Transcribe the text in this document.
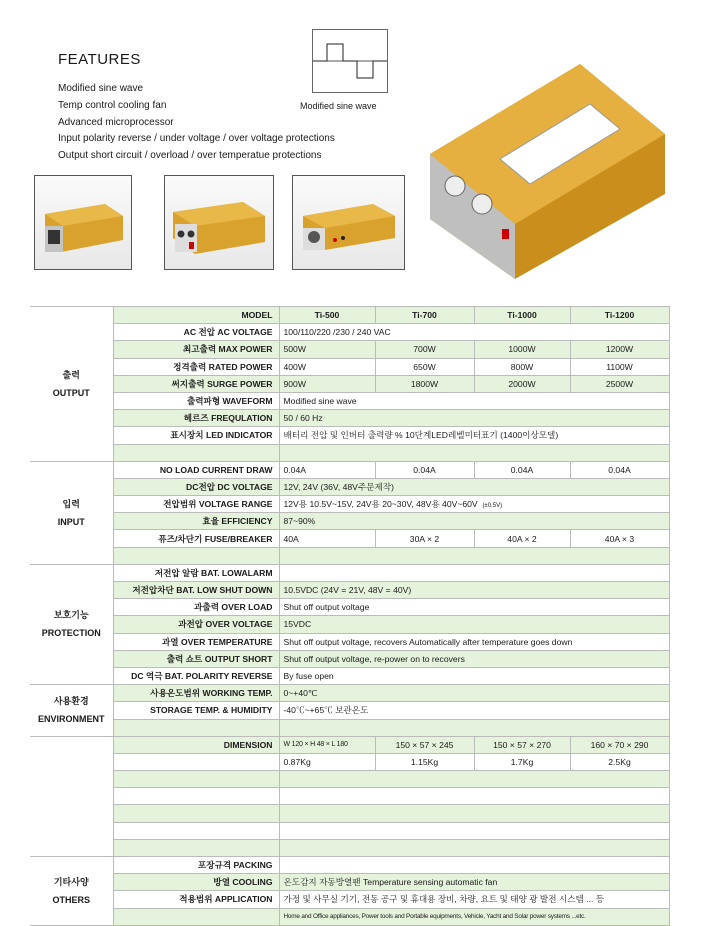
FEATURES
Modified sine wave
Temp control cooling fan
Advanced microprocessor
Input polarity reverse / under voltage / over voltage protections
Output short circuit / overload / over temperatue protections
Modified sine wave
출력
OUTPUT	MODEL	Ti-500	Ti-700	Ti-1000	Ti-1200
	AC 전압 AC VOLTAGE	100/110/220 /230 / 240 VAC			
	최고출력 MAX POWER	500W	700W	1000W	1200W
	정격출력 RATED POWER	400W	650W	800W	1100W
	써지출력 SURGE POWER	900W	1800W	2000W	2500W
	출력파형 WAVEFORM	Modified sine wave			
	헤르즈 FREQULATION	50 / 60 Hz			
	표시장치 LED INDICATOR	배터리 전압 및 인버터 출력량 % 10단계LED레벨미터표기 (1400이상모델)			

입력
INPUT	NO LOAD CURRENT DRAW	0.04A	0.04A	0.04A	0.04A
	DC전압 DC VOLTAGE	12V, 24V (36V, 48V주문제작)			
	전압범위 VOLTAGE RANGE	12V용 10.5V~15V, 24V용 20~30V, 48V용 40V~60V (±0.5V)			
	효율 EFFICIENCY	87~90%			
	퓨즈/차단기 FUSE/BREAKER	40A	30A × 2	40A × 2	40A × 3

보호기능
PROTECTION	저전압 알람 BAT. LOWALARM				
	저전압차단 BAT. LOW SHUT DOWN	10.5VDC (24V = 21V, 48V = 40V)			
	과출력 OVER LOAD	Shut off output voltage			
	과전압 OVER VOLTAGE	15VDC			
	과열 OVER TEMPERATURE	Shut off output voltage, recovers Automatically after temperature goes down			
	출력 쇼트 OUTPUT SHORT	Shut off output voltage, re-power on to recovers			
	DC 역극 BAT. POLARITY REVERSE	By fuse open			
사용환경
ENVIRONMENT	사용온도범위 WORKING TEMP.	0~+40℃			
	STORAGE TEMP. & HUMIDITY	-40℃~+65℃ 보관온도			

	DIMENSION	W 120 × H 48 × L 180	150 × 57 × 245	150 × 57 × 270	160 × 70 × 290
		0.87Kg	1.15Kg	1.7Kg	2.5Kg

기타사양
OTHERS	포장규격 PACKING				
	방열 COOLING	온도감지 자동방열팬 Temperature sensing automatic fan			
	적용범위 APPLICATION	가정 및 사무실 기기, 전동 공구 및 휴대용 장비, 차량, 요트 및 태양 광 발전 시스템 ... 등			
		Home and Office appliances, Power tools and Portable equipments, Vehicle, Yacht and Solar power systems ...etc.			
